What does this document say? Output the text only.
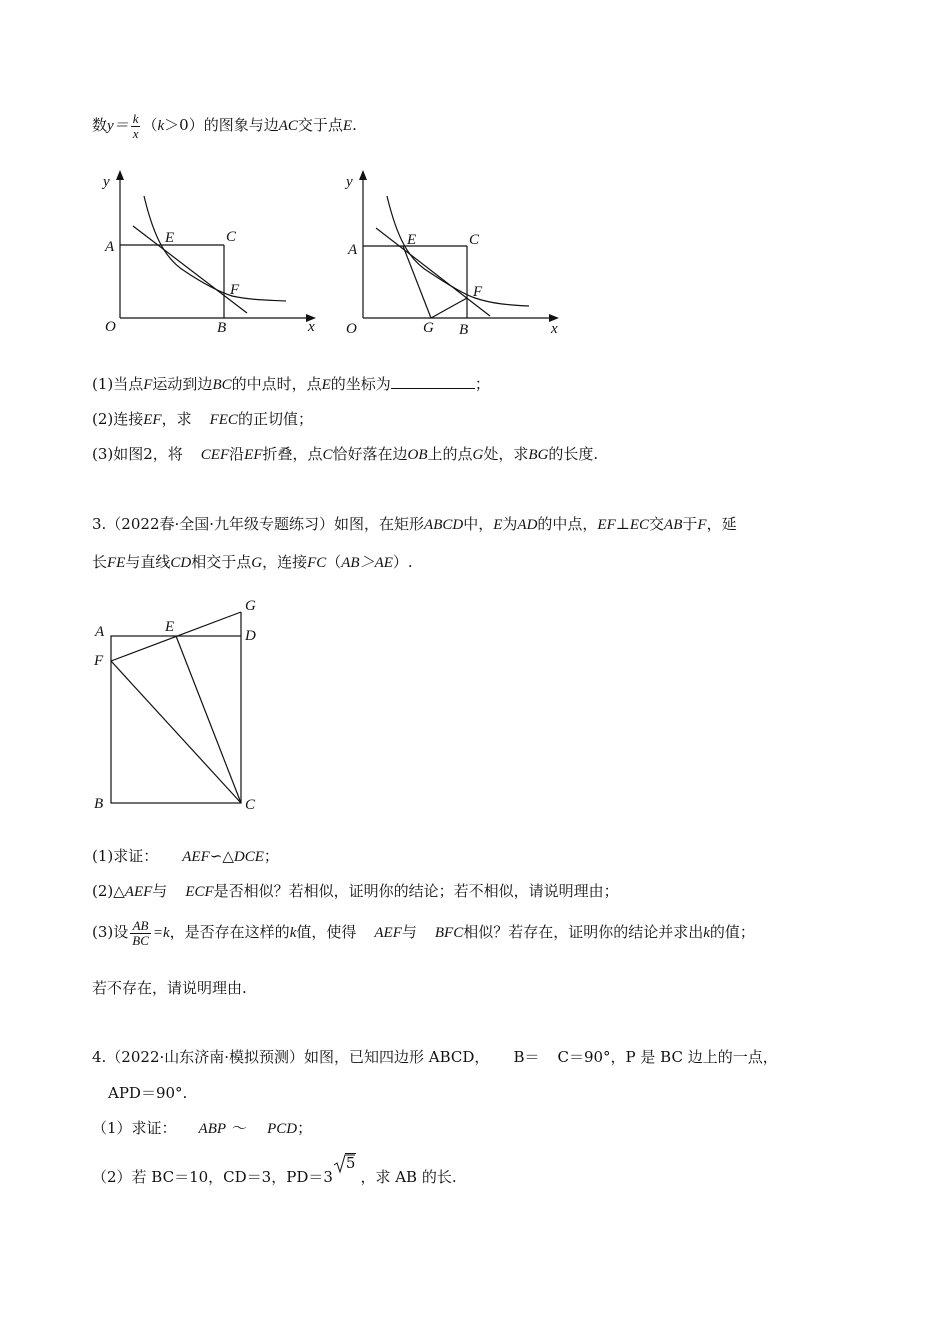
数$y= \frac{k}{x} (k>0)$的图象与边AC交于点E.
y
A
E	C
F
O	B	x
y
A
E	C
F
O	G B	x
(1)当点F运动到边BC的中点时，点E的坐标为	；
(2)连接EF，求 FEC的正切值；
(3)如图2，将 CEF沿EF折叠，点C恰好落在边OB上的点G处，求BG的长度.
3.（2022春·全国·九年级专题练习）如图，在矩形ABCD中，E为AD的中点，EF⊥EC交AB于F，延
长FE与直线CD相交于点G，连接FC（AB＞AE）.
A	E
G
D
F
B	C
(1)求证： AEF∽△DCE；
(2)△AEF与 ECF是否相似？若相似，证明你的结论；若不相似，请说明理由；
(3)设 $\frac{AB}{BC} =k$，是否存在这样的k值，使得 AEF与 BFC相似？若存在，证明你的结论并求出k的值；
若不存在，请说明理由.
4.（2022·山东济南·模拟预测）如图，已知四边形 ABCD， B＝ C＝90°，P 是 BC 边上的一点，
APD＝90°.
（1）求证： ABP ～ PCD；
（2）若 BC＝10，CD＝3，PD＝3
5，求 AB 的长.
